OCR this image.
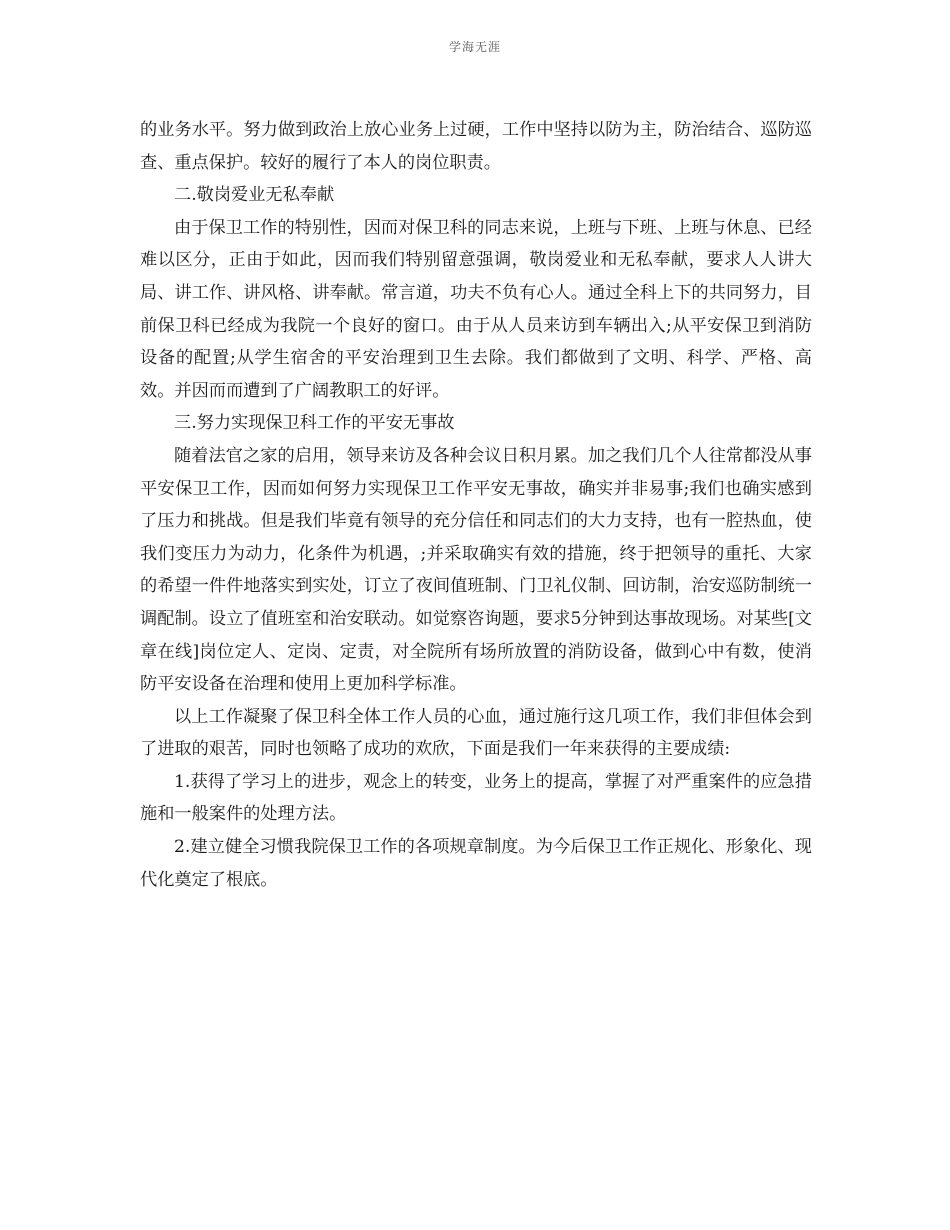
学海无涯

的业务水平。努力做到政治上放心业务上过硬，工作中坚持以防为主，防治结合、巡防巡查、重点保护。较好的履行了本人的岗位职责。

二.敬岗爱业无私奉献

由于保卫工作的特别性，因而对保卫科的同志来说，上班与下班、上班与休息、已经难以区分，正由于如此，因而我们特别留意强调，敬岗爱业和无私奉献，要求人人讲大局、讲工作、讲风格、讲奉献。常言道，功夫不负有心人。通过全科上下的共同努力，目前保卫科已经成为我院一个良好的窗口。由于从人员来访到车辆出入;从平安保卫到消防设备的配置;从学生宿舍的平安治理到卫生去除。我们都做到了文明、科学、严格、高效。并因而而遭到了广阔教职工的好评。

三.努力实现保卫科工作的平安无事故

随着法官之家的启用，领导来访及各种会议日积月累。加之我们几个人往常都没从事平安保卫工作，因而如何努力实现保卫工作平安无事故，确实并非易事;我们也确实感到了压力和挑战。但是我们毕竟有领导的充分信任和同志们的大力支持，也有一腔热血，使我们变压力为动力，化条件为机遇，;并采取确实有效的措施，终于把领导的重托、大家的希望一件件地落实到实处，订立了夜间值班制、门卫礼仪制、回访制，治安巡防制统一调配制。设立了值班室和治安联动。如觉察咨询题，要求5分钟到达事故现场。对某些[文章在线]岗位定人、定岗、定责，对全院所有场所放置的消防设备，做到心中有数，使消防平安设备在治理和使用上更加科学标准。

以上工作凝聚了保卫科全体工作人员的心血，通过施行这几项工作，我们非但体会到了进取的艰苦，同时也领略了成功的欢欣，下面是我们一年来获得的主要成绩:

1.获得了学习上的进步，观念上的转变，业务上的提高，掌握了对严重案件的应急措施和一般案件的处理方法。

2.建立健全习惯我院保卫工作的各项规章制度。为今后保卫工作正规化、形象化、现代化奠定了根底。
